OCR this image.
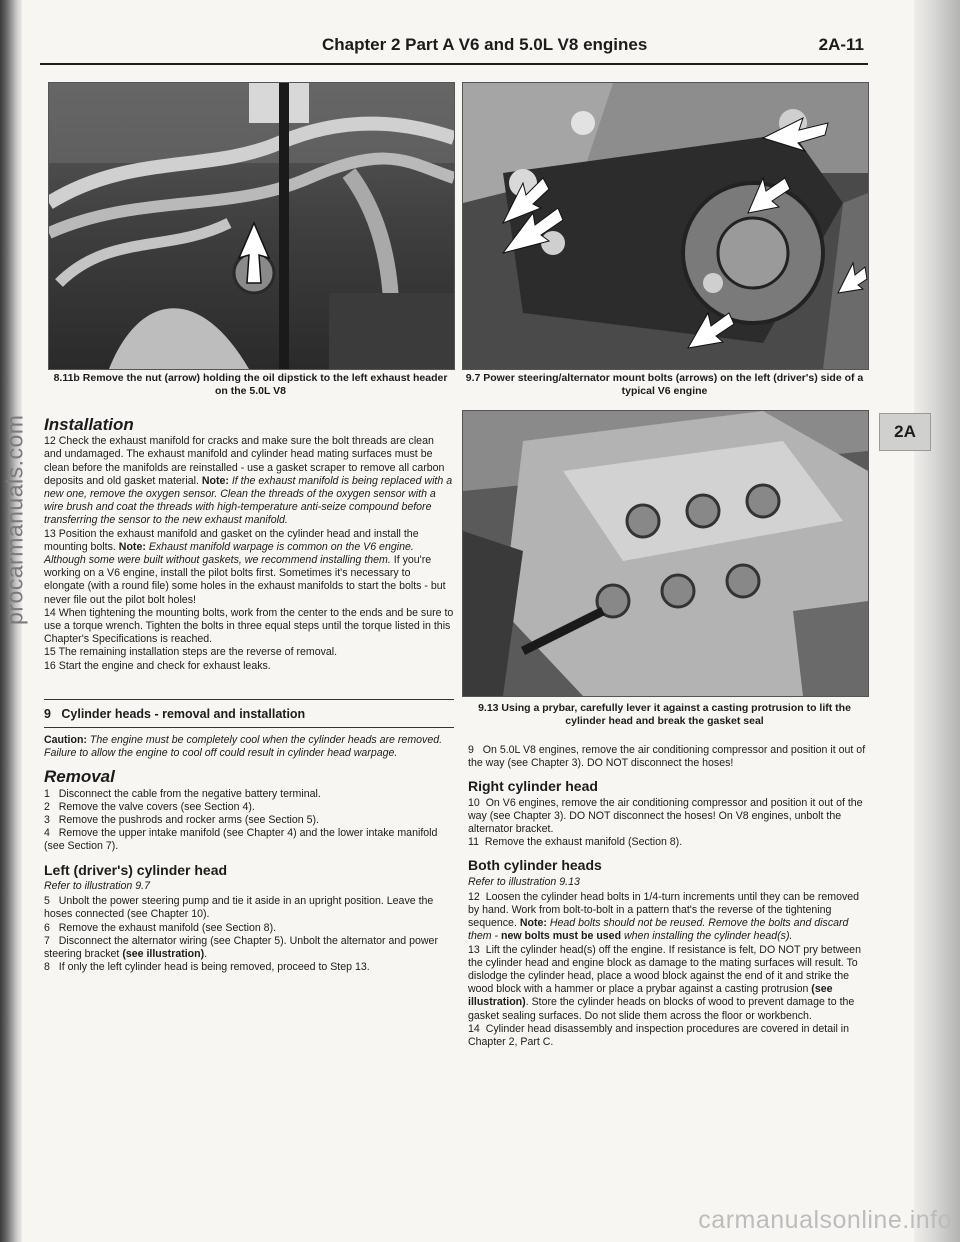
procarmanuals.com
Chapter 2 Part A V6 and 5.0L V8 engines	2A-11
2A
8.11b Remove the nut (arrow) holding the oil dipstick to the left exhaust header on the 5.0L V8
9.7 Power steering/alternator mount bolts (arrows) on the left (driver's) side of a typical V6 engine
9.13 Using a prybar, carefully lever it against a casting protrusion to lift the cylinder head and break the gasket seal
Installation

12 Check the exhaust manifold for cracks and make sure the bolt threads are clean and undamaged. The exhaust manifold and cylinder head mating surfaces must be clean before the manifolds are reinstalled - use a gasket scraper to remove all carbon deposits and old gasket material. Note: If the exhaust manifold is being replaced with a new one, remove the oxygen sensor. Clean the threads of the oxygen sensor with a wire brush and coat the threads with high-temperature anti-seize compound before transferring the sensor to the new exhaust manifold.

13 Position the exhaust manifold and gasket on the cylinder head and install the mounting bolts. Note: Exhaust manifold warpage is common on the V6 engine. Although some were built without gaskets, we recommend installing them. If you're working on a V6 engine, install the pilot bolts first. Sometimes it's necessary to elongate (with a round file) some holes in the exhaust manifolds to start the bolts - but never file out the pilot bolt holes!

14 When tightening the mounting bolts, work from the center to the ends and be sure to use a torque wrench. Tighten the bolts in three equal steps until the torque listed in this Chapter's Specifications is reached.

15 The remaining installation steps are the reverse of removal.

16 Start the engine and check for exhaust leaks.

9 Cylinder heads - removal and installation

Caution: The engine must be completely cool when the cylinder heads are removed. Failure to allow the engine to cool off could result in cylinder head warpage.

Removal

1 Disconnect the cable from the negative battery terminal.

2 Remove the valve covers (see Section 4).

3 Remove the pushrods and rocker arms (see Section 5).

4 Remove the upper intake manifold (see Chapter 4) and the lower intake manifold (see Section 7).

Left (driver's) cylinder head
Refer to illustration 9.7

5 Unbolt the power steering pump and tie it aside in an upright position. Leave the hoses connected (see Chapter 10).

6 Remove the exhaust manifold (see Section 8).

7 Disconnect the alternator wiring (see Chapter 5). Unbolt the alternator and power steering bracket (see illustration).

8 If only the left cylinder head is being removed, proceed to Step 13.

9 On 5.0L V8 engines, remove the air conditioning compressor and position it out of the way (see Chapter 3). DO NOT disconnect the hoses!

Right cylinder head

10 On V6 engines, remove the air conditioning compressor and position it out of the way (see Chapter 3). DO NOT disconnect the hoses! On V8 engines, unbolt the alternator bracket.

11 Remove the exhaust manifold (Section 8).

Both cylinder heads
Refer to illustration 9.13

12 Loosen the cylinder head bolts in 1/4-turn increments until they can be removed by hand. Work from bolt-to-bolt in a pattern that's the reverse of the tightening sequence. Note: Head bolts should not be reused. Remove the bolts and discard them - new bolts must be used when installing the cylinder head(s).

13 Lift the cylinder head(s) off the engine. If resistance is felt, DO NOT pry between the cylinder head and engine block as damage to the mating surfaces will result. To dislodge the cylinder head, place a wood block against the end of it and strike the wood block with a hammer or place a prybar against a casting protrusion (see illustration). Store the cylinder heads on blocks of wood to prevent damage to the gasket sealing surfaces. Do not slide them across the floor or workbench.

14 Cylinder head disassembly and inspection procedures are covered in detail in Chapter 2, Part C.

carmanualsonline.info
